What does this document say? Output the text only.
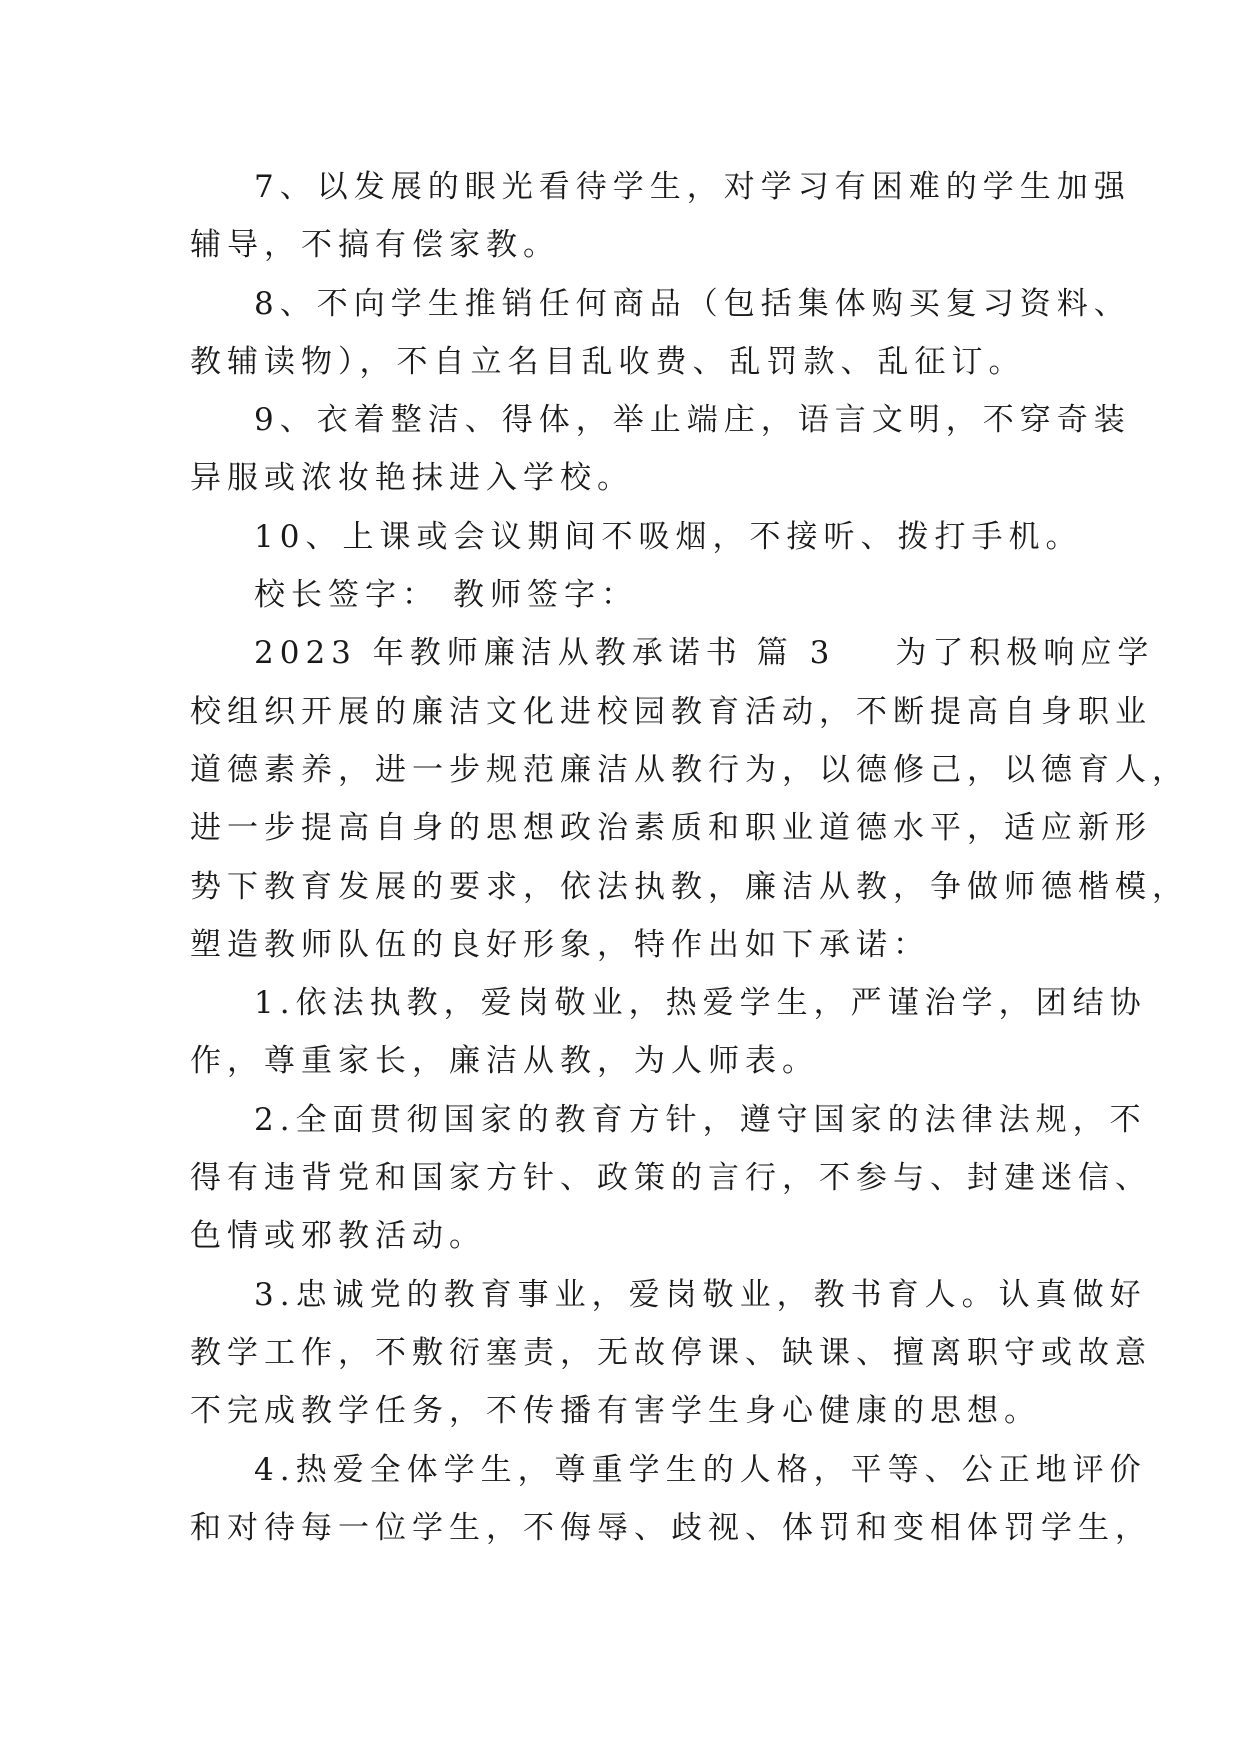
7、以发展的眼光看待学生，对学习有困难的学生加强
辅导，不搞有偿家教。
8、不向学生推销任何商品（包括集体购买复习资料、
教辅读物），不自立名目乱收费、乱罚款、乱征订。
9、衣着整洁、得体，举止端庄，语言文明，不穿奇装
异服或浓妆艳抹进入学校。
10、上课或会议期间不吸烟，不接听、拨打手机。
校长签字： 教师签字：
2023 年教师廉洁从教承诺书 篇 3 为了积极响应学
校组织开展的廉洁文化进校园教育活动，不断提高自身职业
道德素养，进一步规范廉洁从教行为，以德修己，以德育人，
进一步提高自身的思想政治素质和职业道德水平，适应新形
势下教育发展的要求，依法执教，廉洁从教，争做师德楷模，
塑造教师队伍的良好形象，特作出如下承诺：
1.依法执教，爱岗敬业，热爱学生，严谨治学，团结协
作，尊重家长，廉洁从教，为人师表。
2.全面贯彻国家的教育方针，遵守国家的法律法规，不
得有违背党和国家方针、政策的言行，不参与、封建迷信、
色情或邪教活动。
3.忠诚党的教育事业，爱岗敬业，教书育人。认真做好
教学工作，不敷衍塞责，无故停课、缺课、擅离职守或故意
不完成教学任务，不传播有害学生身心健康的思想。
4.热爱全体学生，尊重学生的人格，平等、公正地评价
和对待每一位学生，不侮辱、歧视、体罚和变相体罚学生，
